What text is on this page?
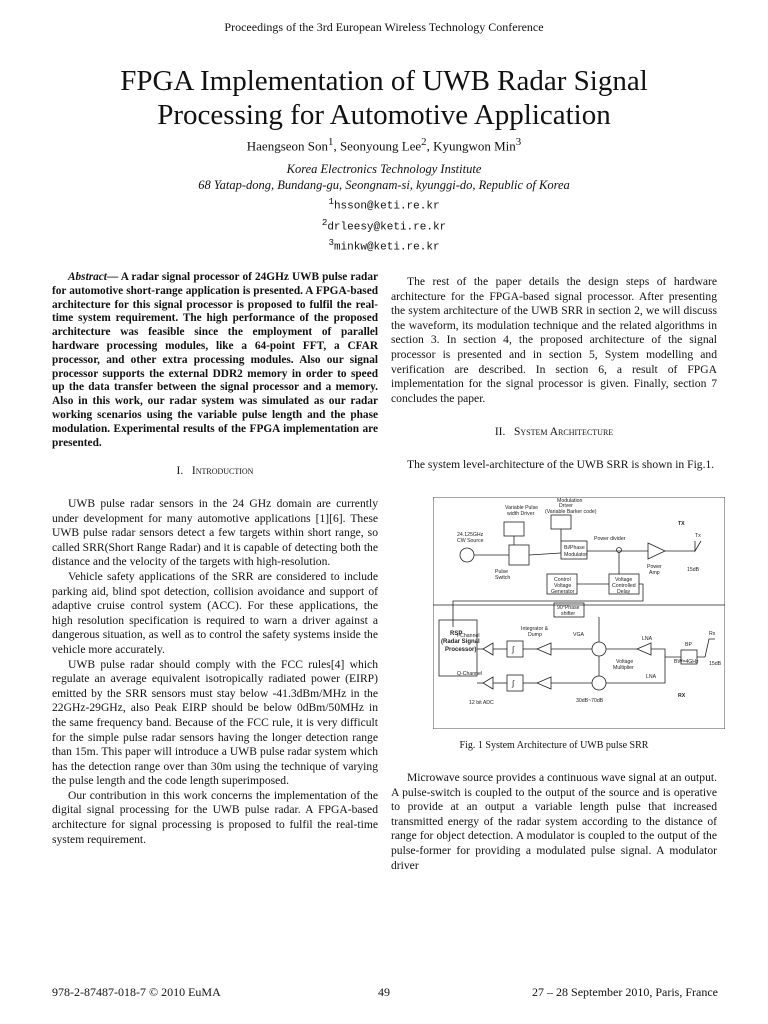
Proceedings of the 3rd European Wireless Technology Conference
FPGA Implementation of UWB Radar Signal
Processing for Automotive Application
Haengseon Son$^1$, Seonyoung Lee$^2$, Kyungwon Min$^3$
Korea Electronics Technology Institute
68 Yatap-dong, Bundang-gu, Seongnam-si, kyunggi-do, Republic of Korea
$^1$hsson@keti.re.kr
$^2$drleesy@keti.re.kr
$^3$minkw@keti.re.kr
Abstract— A radar signal processor of 24GHz UWB pulse radar for automotive short-range application is presented. A FPGA-based architecture for this signal processor is proposed to fulfil the real-time system requirement. The high performance of the proposed architecture was feasible since the employment of parallel hardware processing modules, like a 64-point FFT, a CFAR processor, and other extra processing modules. Also our signal processor supports the external DDR2 memory in order to speed up the data transfer between the signal processor and a memory. Also in this work, our radar system was simulated as our radar working scenarios using the variable pulse length and the phase modulation. Experimental results of the FPGA implementation are presented.
I. Introduction

UWB pulse radar sensors in the 24 GHz domain are currently under development for many automotive applications [1][6]. These UWB pulse radar sensors detect a few targets within short range, so called SRR(Short Range Radar) and it is capable of detecting both the distance and the velocity of the targets with high-resolution.

Vehicle safety applications of the SRR are considered to include parking aid, blind spot detection, collision avoidance and support of adaptive cruise control system (ACC). For these applications, the high resolution specification is required to warn a driver against a dangerous situation, as well as to control the safety systems inside the vehicle more accurately.

UWB pulse radar should comply with the FCC rules[4] which regulate an average equivalent isotropically radiated power (EIRP) emitted by the SRR sensors must stay below -41.3dBm/MHz in the 22GHz-29GHz, also Peak EIRP should be below 0dBm/50MHz in the same frequency band. Because of the FCC rule, it is very difficult for the simple pulse radar sensors having the longer detection range than 15m. This paper will introduce a UWB pulse radar system which has the detection range over than 30m using the technique of varying the pulse length and the code length superimposed.

Our contribution in this work concerns the implementation of the digital signal processing for the UWB pulse radar. A FPGA-based architecture for signal processing is proposed to fulfil the real-time system requirement.

The rest of the paper details the design steps of hardware architecture for the FPGA-based signal processor. After presenting the system architecture of the UWB SRR in section 2, we will discuss the waveform, its modulation technique and the related algorithms in section 3. In section 4, the proposed architecture of the signal processor is presented and in section 5, System modelling and verification are described. In section 6, a result of FPGA implementation for the signal processor is given. Finally, section 7 concludes the paper.

II. System Architecture

The system level-architecture of the UWB SRR is shown in Fig.1.

Variable Pulse
width Driver
Modulation
Driver
(Variable Barker code)
TX
24.125GHz
CW Source	Power divider
Bi/Phase
Modulator
Pulse
Switch	Control
Voltage
Generator
Voltage
Controlled
Delay
Power
Amp	15dB
Tx
90°Phase
shifter
RSP
(Radar Signal
Processor)
I-Channel
Q-Channel
Integrator &
Dump	VGA
LNA
Voltage
Multiplier
LNA
BP
BW=4GHz
Rx
15dB
12 bit ADC	30dB~70dB
RX
∫
∫
Fig. 1 System Architecture of UWB pulse SRR

Microwave source provides a continuous wave signal at an output. A pulse-switch is coupled to the output of the source and is operative to provide at an output a variable length pulse that increased transmitted energy of the radar system according to the distance of range for object detection. A modulator is coupled to the output of the pulse-former for providing a modulated pulse signal. A modulator driver

978-2-87487-018-7 © 2010 EuMA	49	27 – 28 September 2010, Paris, France
